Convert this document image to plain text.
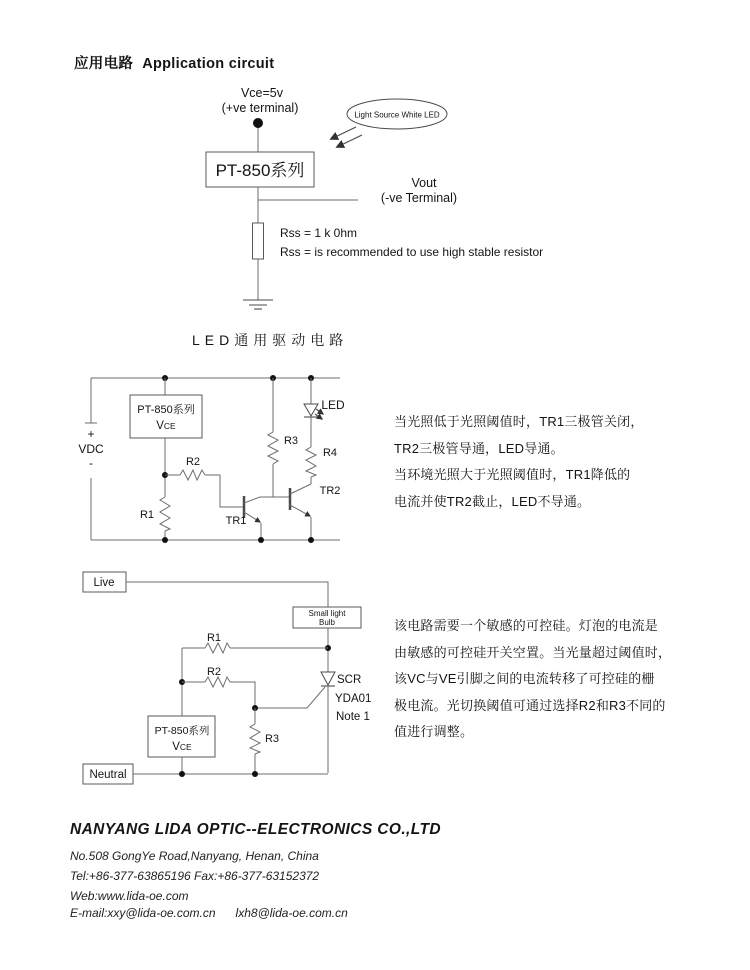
应用电路 Application circuit
LED通用驱动电路
当光照低于光照阈值时，TR1三极管关闭，
TR2三极管导通，LED导通。
当环境光照大于光照阈值时，TR1降低的
电流并使TR2截止，LED不导通。
该电路需要一个敏感的可控硅。灯泡的电流是
由敏感的可控硅开关空置。当光量超过阈值时，
该VC与VE引脚之间的电流转移了可控硅的栅
极电流。光切换阈值可通过选择R2和R3不同的
值进行调整。
NANYANG LIDA OPTIC--ELECTRONICS CO.,LTD
No.508 GongYe Road,Nanyang, Henan, China
Tel:+86-377-63865196 Fax:+86-377-63152372
Web:www.lida-oe.com
E-mail:xxy@lida-oe.com.cn      lxh8@lida-oe.com.cn
Vce=5v
(+ve terminal)
PT-850系列
Vout
(-ve Terminal)
Rss = 1 k 0hm
Rss = is recommended to use high stable resistor
Light Source White LED
+
VDC
-
PT-850系列
VCE
R1
R2
TR1
R3
LED
R4
TR2
Live
Small light
Bulb
R1
R2
SCR
YDA01
Note 1
R3
PT-850系列
VCE
Neutral
